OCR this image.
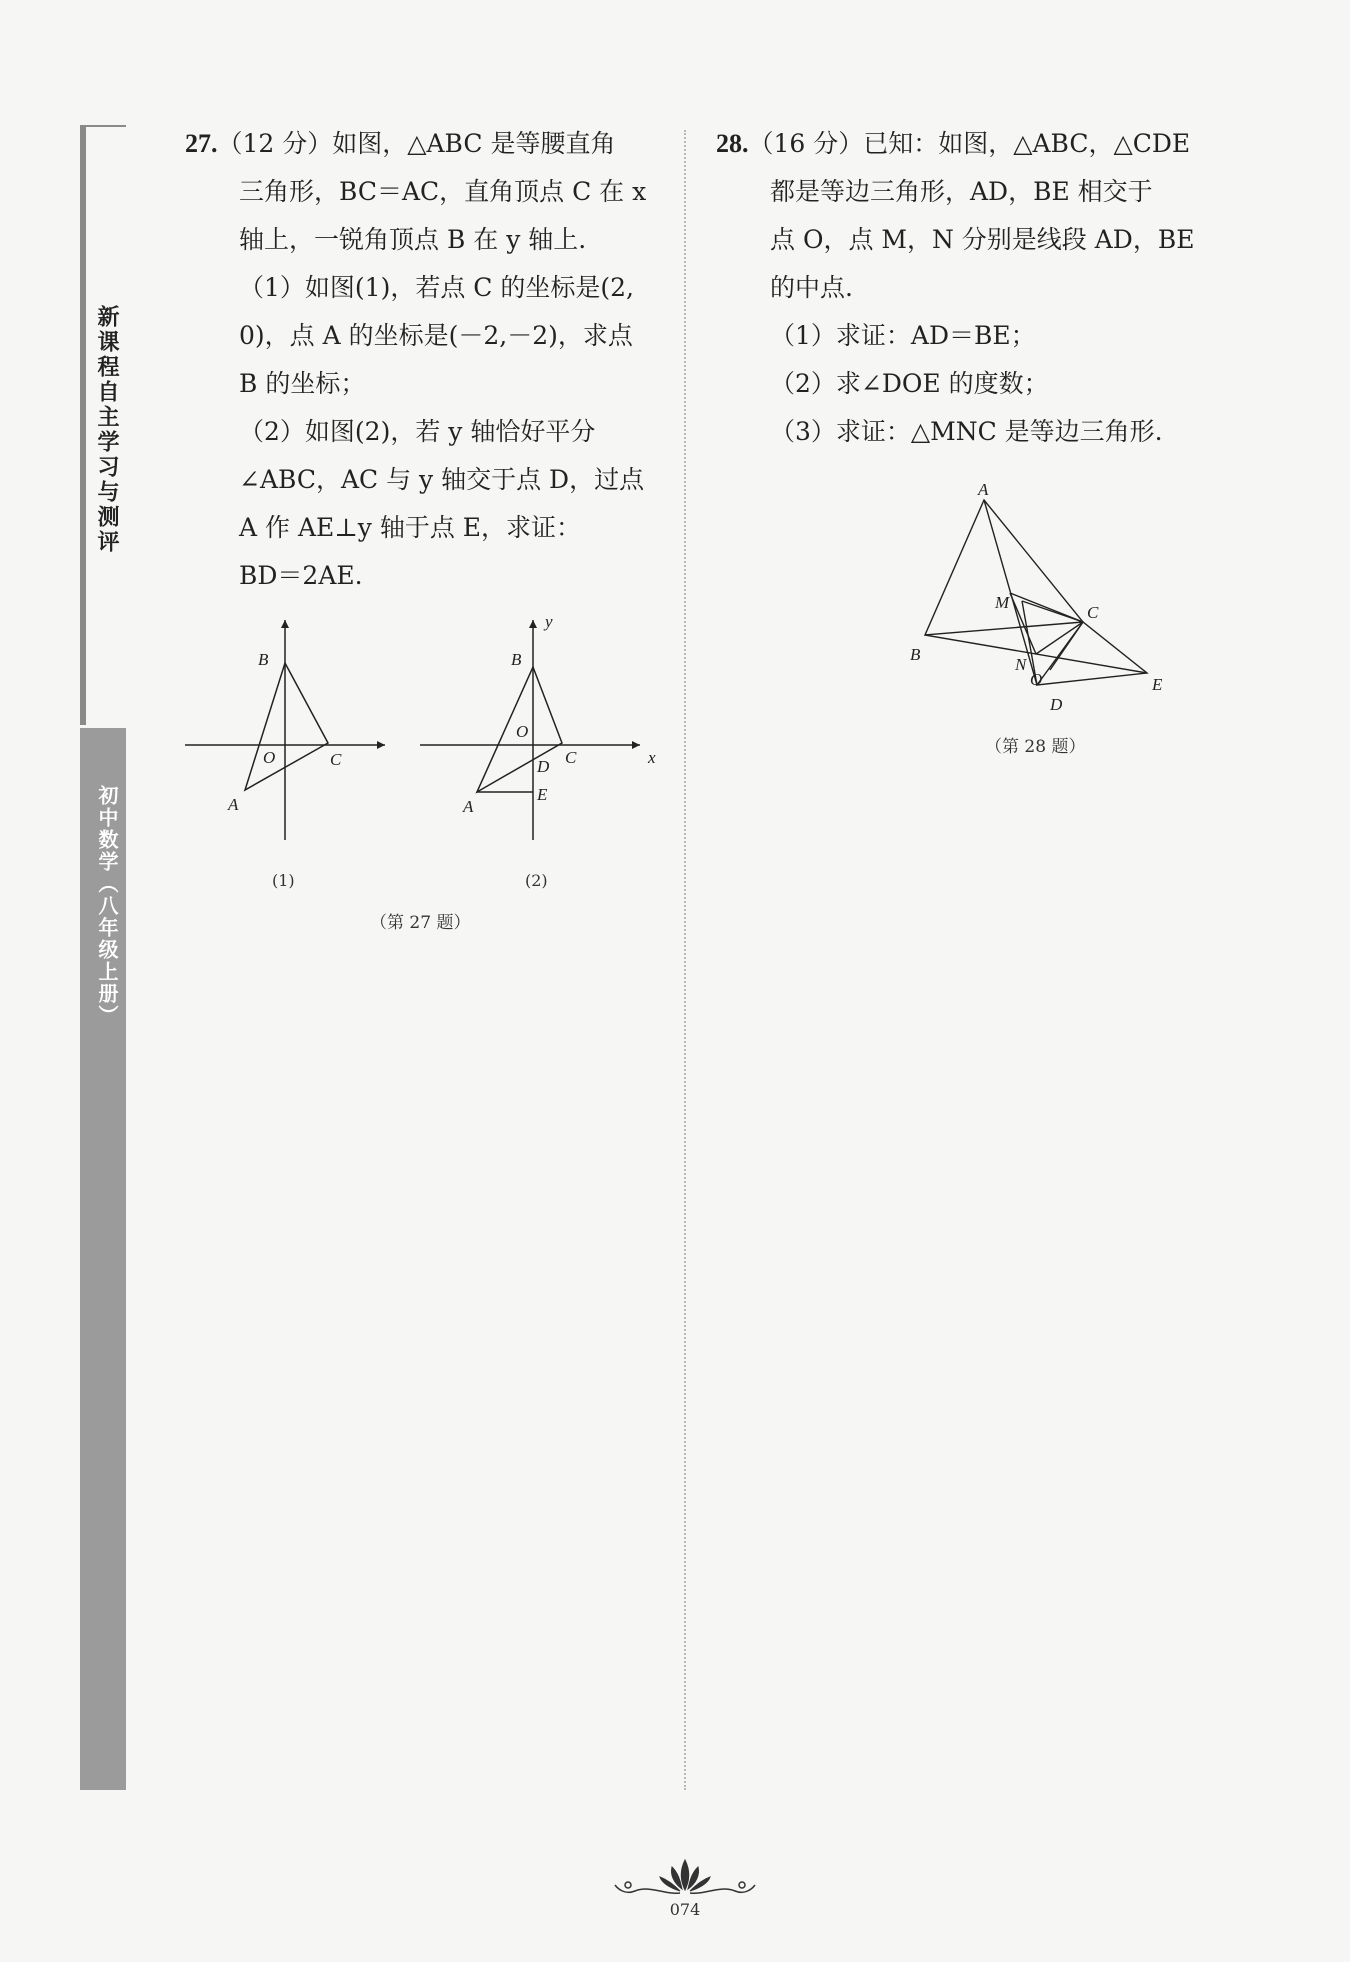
新课程自主学习与测评
初中数学（八年级上册）
27.（12 分）如图，△ABC 是等腰直角
三角形，BC＝AC，直角顶点 C 在 x
轴上，一锐角顶点 B 在 y 轴上.
（1）如图(1)，若点 C 的坐标是(2,
0)，点 A 的坐标是(－2,－2)，求点
B 的坐标；
（2）如图(2)，若 y 轴恰好平分
∠ABC，AC 与 y 轴交于点 D，过点
A 作 AE⊥y 轴于点 E，求证：
BD＝2AE.
B
O	C
A
(1)
y
B
O
C	x
D
A
E
(2)
（第 27 题）
28.（16 分）已知：如图，△ABC，△CDE
都是等边三角形，AD，BE 相交于
点 O，点 M，N 分别是线段 AD，BE
的中点.
（1）求证：AD＝BE；
（2）求∠DOE 的度数；
（3）求证：△MNC 是等边三角形.
A
M
C
B
N
O	E
D
（第 28 题）
074
